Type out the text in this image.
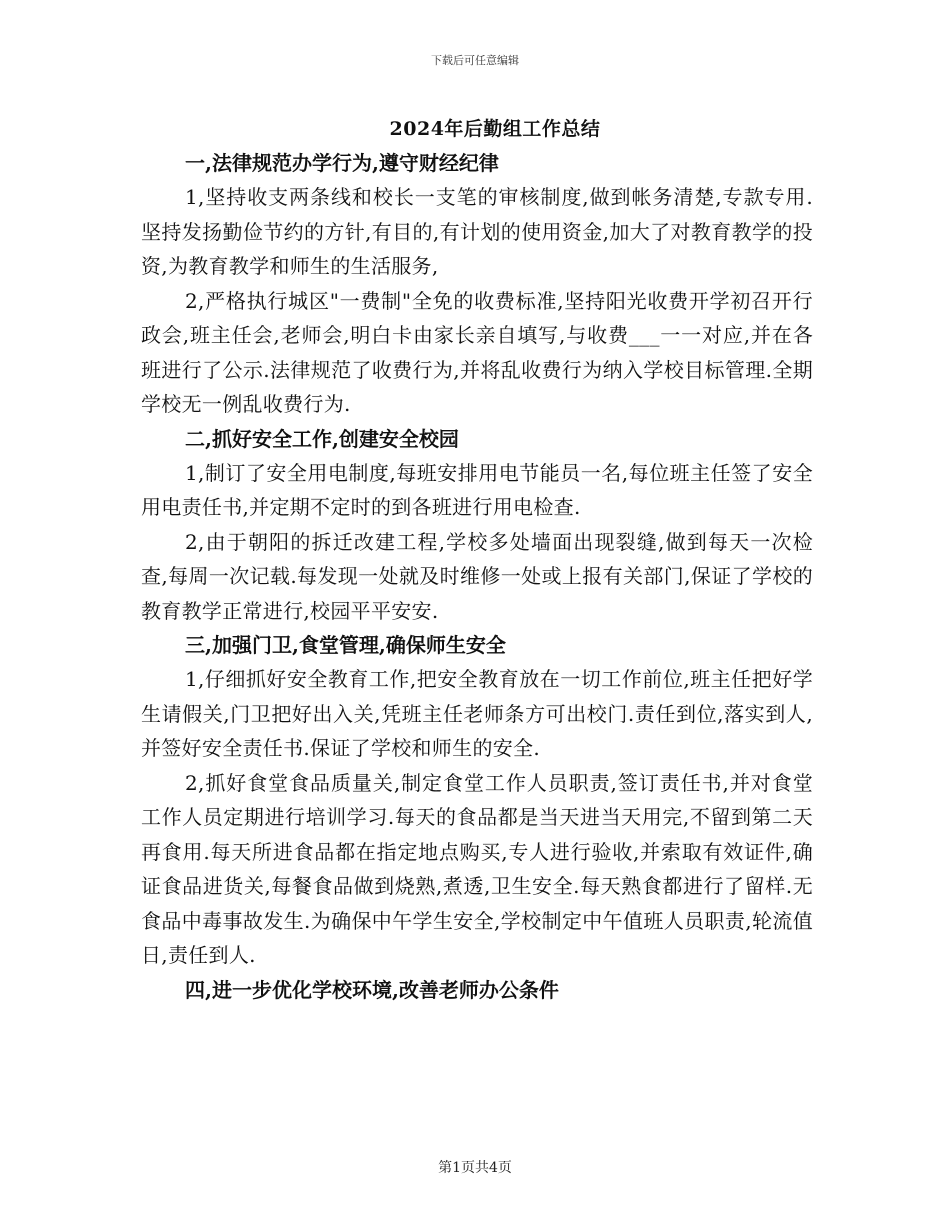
下载后可任意编辑
2024年后勤组工作总结
一,法律规范办学行为,遵守财经纪律

1,坚持收支两条线和校长一支笔的审核制度,做到帐务清楚,专款专用.坚持发扬勤俭节约的方针,有目的,有计划的使用资金,加大了对教育教学的投资,为教育教学和师生的生活服务,

2,严格执行城区"一费制"全免的收费标准,坚持阳光收费开学初召开行政会,班主任会,老师会,明白卡由家长亲自填写,与收费___一一对应,并在各班进行了公示.法律规范了收费行为,并将乱收费行为纳入学校目标管理.全期学校无一例乱收费行为.

二,抓好安全工作,创建安全校园

1,制订了安全用电制度,每班安排用电节能员一名,每位班主任签了安全用电责任书,并定期不定时的到各班进行用电检查.

2,由于朝阳的拆迁改建工程,学校多处墙面出现裂缝,做到每天一次检查,每周一次记载.每发现一处就及时维修一处或上报有关部门,保证了学校的教育教学正常进行,校园平平安安.

三,加强门卫,食堂管理,确保师生安全

1,仔细抓好安全教育工作,把安全教育放在一切工作前位,班主任把好学生请假关,门卫把好出入关,凭班主任老师条方可出校门.责任到位,落实到人,并签好安全责任书.保证了学校和师生的安全.

2,抓好食堂食品质量关,制定食堂工作人员职责,签订责任书,并对食堂工作人员定期进行培训学习.每天的食品都是当天进当天用完,不留到第二天再食用.每天所进食品都在指定地点购买,专人进行验收,并索取有效证件,确证食品进货关,每餐食品做到烧熟,煮透,卫生安全.每天熟食都进行了留样.无食品中毒事故发生.为确保中午学生安全,学校制定中午值班人员职责,轮流值日,责任到人.

四,进一步优化学校环境,改善老师办公条件
第1页共4页
